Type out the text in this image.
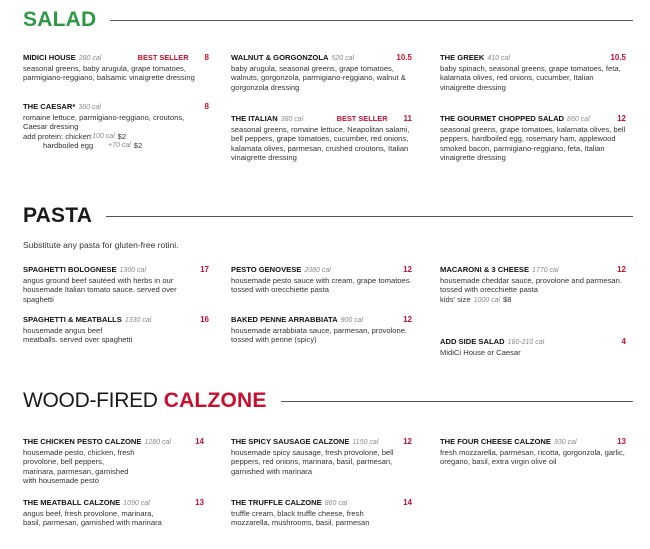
SALAD
MIDICI HOUSE 280 cal	BEST SELLER 8

seasonal greens, baby arugula, grape tomatoes, parmigiano-reggiano, balsamic vinaigrette dressing

THE CAESAR* 360 cal	8

romaine lettuce, parmigiano-reggiano, croutons, Caesar dressing

add protein: chicken
+100 cal $2
hardboiled egg	+70 cal $2
WALNUT & GORGONZOLA 520 cal	10.5

baby arugula, seasonal greens, grape tomatoes, walnuts, gorgonzola, parmigiano-reggiano, walnut & gorgonzola dressing

THE ITALIAN 380 cal	BEST SELLER 11

seasonal greens, romaine lettuce, Neapolitan salami, bell peppers, grape tomatoes, cucumber, red onions, kalamata olives, parmesan, crushed croutons, Italian vinaigrette dressing

THE GREEK 410 cal	10.5

baby spinach, seasonal greens, grape tomatoes, feta, kalamata olives, red onions, cucumber, Italian vinaigrette dressing

THE GOURMET CHOPPED SALAD 860 cal	12

seasonal greens, grape tomatoes, kalamata olives, bell peppers, hardboiled egg, rosemary ham, applewood smoked bacon, parmigiano-reggiano, feta, Italian vinaigrette dressing

PASTA
Substitute any pasta for gluten-free rotini.
SPAGHETTI BOLOGNESE 1300 cal	17

angus ground beef sautéed with herbs in our housemade Italian tomato sauce. served over spaghetti

SPAGHETTI & MEATBALLS 1330 cal	16

housemade angus beef meatballs. served over spaghetti

PESTO GENOVESE 2080 cal	12

housemade pesto sauce with cream, grape tomatoes. tossed with orecchiette pasta

BAKED PENNE ARRABBIATA 900 cal	12

housemade arrabbiata sauce, parmesan, provolone. tossed with penne (spicy)

MACARONI & 3 CHEESE 1770 cal	12

housemade cheddar sauce, provolone and parmesan. tossed with orecchiette pasta

kids' size 1000 cal $8
ADD SIDE SALAD 160-210 cal	4

MidiCi House or Caesar

WOOD-FIRED CALZONE
THE CHICKEN PESTO CALZONE 1280 cal	14

housemade pesto, chicken, fresh provolone, bell peppers, marinara, parmesan, garnished with housemade pesto

THE MEATBALL CALZONE 1090 cal	13

angus beef, fresh provolone, marinara, basil, parmesan, garnished with marinara

THE SPICY SAUSAGE CALZONE 1150 cal	12

housemade spicy sausage, fresh provolone, bell peppers, red onions, marinara, basil, parmesan, garnished with marinara

THE TRUFFLE CALZONE 860 cal	14

truffle cream, black truffle cheese, fresh mozzarella, mushrooms, basil, parmesan

THE FOUR CHEESE CALZONE 930 cal	13

fresh mozzarella, parmesan, ricotta, gorgonzola, garlic, oregano, basil, extra virgin olive oil
